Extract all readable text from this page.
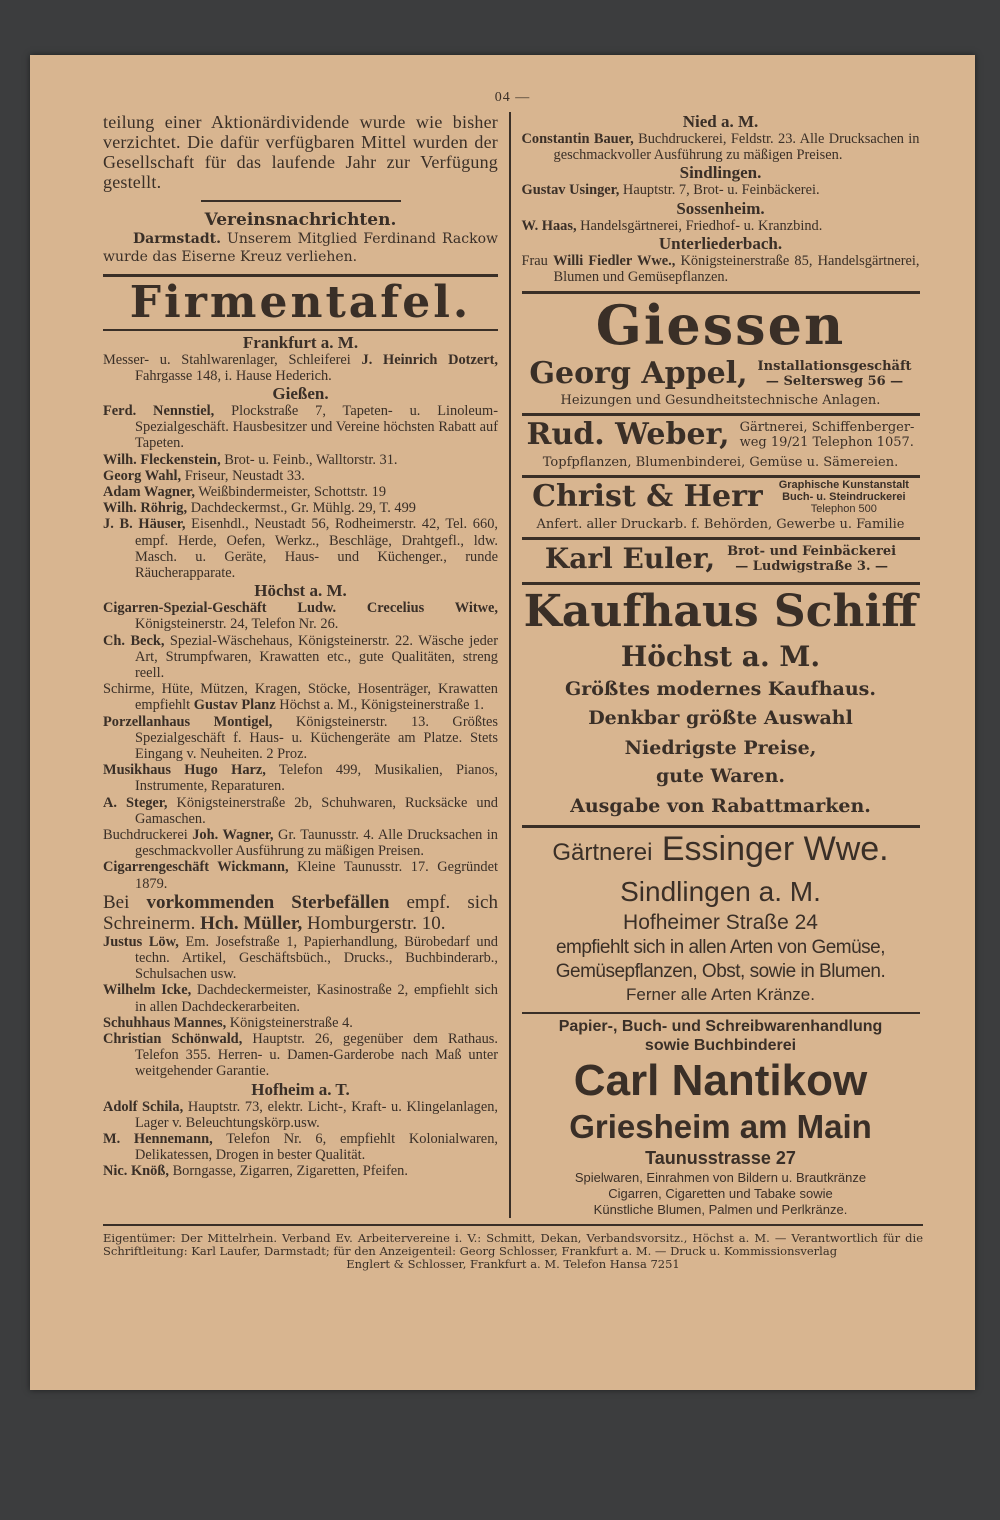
04 —
teilung einer Aktionärdividende wurde wie bisher verzichtet. Die dafür verfügbaren Mittel wurden der Gesellschaft für das laufende Jahr zur Verfügung gestellt.
Vereinsnachrichten.
Darmstadt. Unserem Mitglied Ferdinand Rackow wurde das Eiserne Kreuz verliehen.
Firmentafel.
Frankfurt a. M.

Messer- u. Stahlwarenlager, Schleiferei J. Heinrich Dotzert, Fahrgasse 148, i. Hause Hederich.

Gießen.

Ferd. Nennstiel, Plockstraße 7, Tapeten- u. Linoleum-Spezialgeschäft. Hausbesitzer und Vereine höchsten Rabatt auf Tapeten.

Wilh. Fleckenstein, Brot- u. Feinb., Walltorstr. 31.

Georg Wahl, Friseur, Neustadt 33.

Adam Wagner, Weißbindermeister, Schottstr. 19

Wilh. Röhrig, Dachdeckermst., Gr. Mühlg. 29, T. 499

J. B. Häuser, Eisenhdl., Neustadt 56, Rodheimerstr. 42, Tel. 660, empf. Herde, Oefen, Werkz., Beschläge, Drahtgefl., ldw. Masch. u. Geräte, Haus- und Küchenger., runde Räucherapparate.

Höchst a. M.

Cigarren-Spezial-Geschäft Ludw. Crecelius Witwe, Königsteinerstr. 24, Telefon Nr. 26.

Ch. Beck, Spezial-Wäschehaus, Königsteinerstr. 22. Wäsche jeder Art, Strumpfwaren, Krawatten etc., gute Qualitäten, streng reell.

Schirme, Hüte, Mützen, Kragen, Stöcke, Hosenträger, Krawatten empfiehlt Gustav Planz Höchst a. M., Königsteinerstraße 1.

Porzellanhaus Montigel, Königsteinerstr. 13. Größtes Spezialgeschäft f. Haus- u. Küchengeräte am Platze. Stets Eingang v. Neuheiten. 2 Proz.

Musikhaus Hugo Harz, Telefon 499, Musikalien, Pianos, Instrumente, Reparaturen.

A. Steger, Königsteinerstraße 2b, Schuhwaren, Rucksäcke und Gamaschen.

Buchdruckerei Joh. Wagner, Gr. Taunusstr. 4. Alle Drucksachen in geschmackvoller Ausführung zu mäßigen Preisen.

Cigarrengeschäft Wickmann, Kleine Taunusstr. 17. Gegründet 1879.

Bei vorkommenden Sterbefällen empf. sich Schreinerm. Hch. Müller, Homburgerstr. 10.

Justus Löw, Em. Josefstraße 1, Papierhandlung, Bürobedarf und techn. Artikel, Geschäftsbüch., Drucks., Buchbinderarb., Schulsachen usw.

Wilhelm Icke, Dachdeckermeister, Kasinostraße 2, empfiehlt sich in allen Dachdeckerarbeiten.

Schuhhaus Mannes, Königsteinerstraße 4.

Christian Schönwald, Hauptstr. 26, gegenüber dem Rathaus. Telefon 355. Herren- u. Damen-Garderobe nach Maß unter weitgehender Garantie.

Hofheim a. T.

Adolf Schila, Hauptstr. 73, elektr. Licht-, Kraft- u. Klingelanlagen, Lager v. Beleuchtungskörp.usw.

M. Hennemann, Telefon Nr. 6, empfiehlt Kolonialwaren, Delikatessen, Drogen in bester Qualität.

Nic. Knöß, Borngasse, Zigarren, Zigaretten, Pfeifen.

Nied a. M.

Constantin Bauer, Buchdruckerei, Feldstr. 23. Alle Drucksachen in geschmackvoller Ausführung zu mäßigen Preisen.

Sindlingen.

Gustav Usinger, Hauptstr. 7, Brot- u. Feinbäckerei.

Sossenheim.

W. Haas, Handelsgärtnerei, Friedhof- u. Kranzbind.

Unterliederbach.

Frau Willi Fiedler Wwe., Königsteinerstraße 85, Handelsgärtnerei, Blumen und Gemüsepflanzen.

Giessen
Georg Appel, Installationsgeschäft
— Seltersweg 56 —
Heizungen und Gesundheitstechnische Anlagen.
Rud. Weber, Gärtnerei, Schiffenberger-
weg 19/21 Telephon 1057.
Topfpflanzen, Blumenbinderei, Gemüse u. Sämereien.
Christ & Herr Graphische Kunstanstalt
Buch- u. Steindruckerei
Telephon 500
Anfert. aller Druckarb. f. Behörden, Gewerbe u. Familie
Karl Euler, Brot- und Feinbäckerei
— Ludwigstraße 3. —
Kaufhaus Schiff
Höchst a. M.
Größtes modernes Kaufhaus.
Denkbar größte Auswahl
Niedrigste Preise,
gute Waren.
Ausgabe von Rabattmarken.
Gärtnerei Essinger Wwe.
Sindlingen a. M.
Hofheimer Straße 24
empfiehlt sich in allen Arten von Gemüse,
Gemüsepflanzen, Obst, sowie in Blumen.
Ferner alle Arten Kränze.
Papier-, Buch- und Schreibwarenhandlung
sowie Buchbinderei
Carl Nantikow
Griesheim am Main
Taunusstrasse 27
Spielwaren, Einrahmen von Bildern u. Brautkränze
Cigarren, Cigaretten und Tabake sowie
Künstliche Blumen, Palmen und Perlkränze.
Eigentümer: Der Mittelrhein. Verband Ev. Arbeitervereine i. V.: Schmitt, Dekan, Verbandsvorsitz., Höchst a. M. — Verantwortlich für die Schriftleitung: Karl Laufer, Darmstadt; für den Anzeigenteil: Georg Schlosser, Frankfurt a. M. — Druck u. Kommissionsverlag
Englert & Schlosser, Frankfurt a. M. Telefon Hansa 7251
